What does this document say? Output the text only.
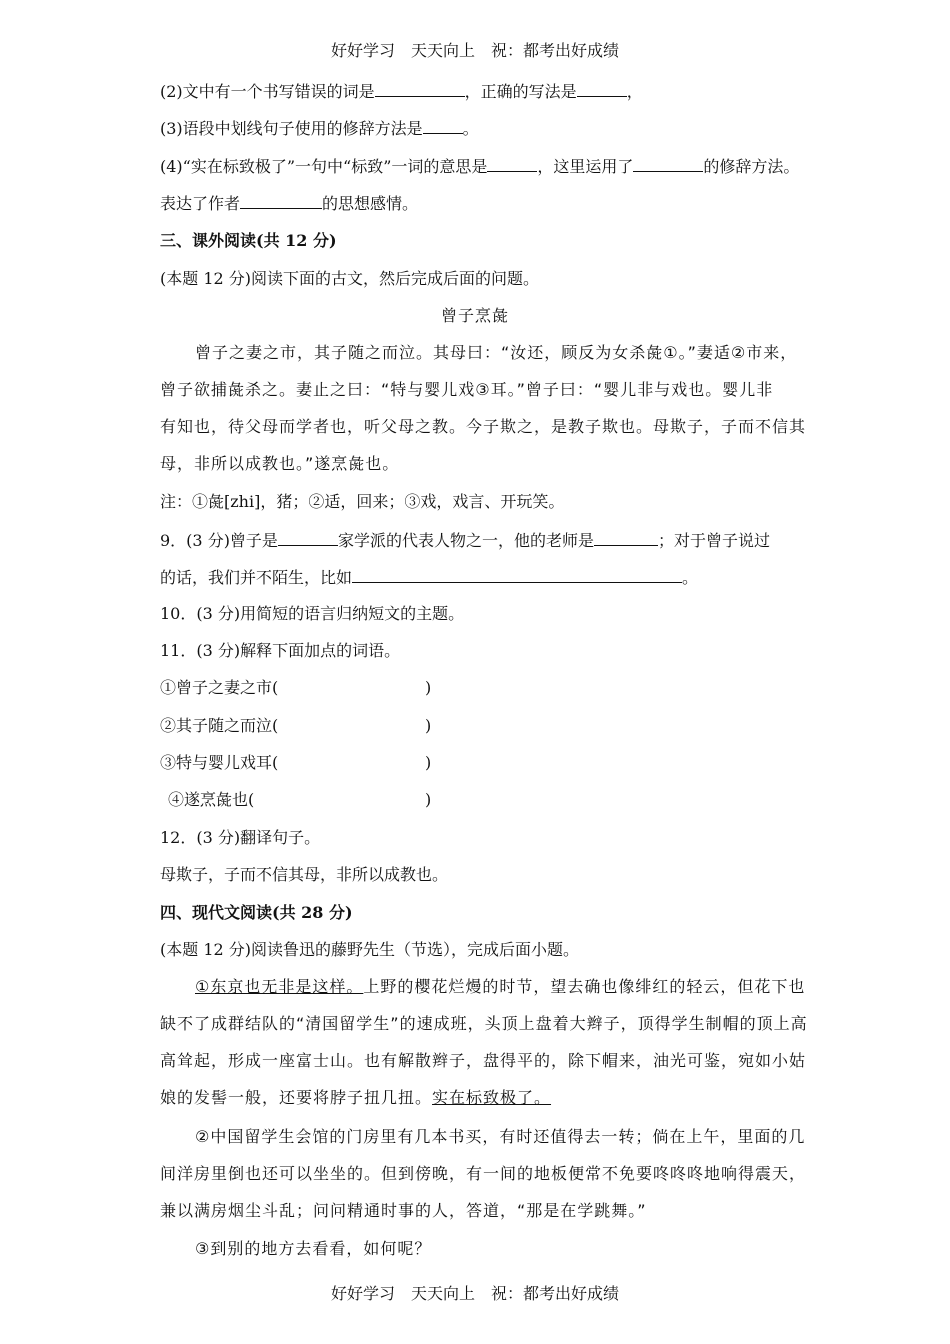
好好学习　天天向上　祝：都考出好成绩
(2)文中有一个书写错误的词是	，正确的写法是	，
(3)语段中划线句子使用的修辞方法是	。
(4)“实在标致极了”一句中“标致”一词的意思是	，这里运用了	的修辞方法。
表达了作者	的思想感情。
三、课外阅读(共 12 分)
(本题 12 分)阅读下面的古文，然后完成后面的问题。
曾子烹彘
曾子之妻之市，其子随之而泣。其母曰：“汝还，顾反为女杀彘①。”妻适②市来，
曾子欲捕彘杀之。妻止之曰：“特与婴儿戏③耳。”曾子曰：“婴儿非与戏也。婴儿非
有知也，待父母而学者也，听父母之教。今子欺之，是教子欺也。母欺子，子而不信其
母，非所以成教也。”遂烹彘也。
注：①彘[zhi]，猪；②适，回来；③戏，戏言、开玩笑。
9．(3 分)曾子是	家学派的代表人物之一，他的老师是	；对于曾子说过
的话，我们并不陌生，比如	。
10．(3 分)用简短的语言归纳短文的主题。
11．(3 分)解释下面加点的词语。
①曾子之妻之市(	)
②其子随之而泣(	)
③特与婴儿戏耳(	)
④遂烹彘也(	)
12．(3 分)翻译句子。
母欺子，子而不信其母，非所以成教也。
四、现代文阅读(共 28 分)
(本题 12 分)阅读鲁迅的藤野先生（节选），完成后面小题。
①东京也无非是这样。上野的樱花烂熳的时节，望去确也像绯红的轻云，但花下也
缺不了成群结队的“清国留学生”的速成班，头顶上盘着大辫子，顶得学生制帽的顶上高
高耸起，形成一座富士山。也有解散辫子，盘得平的，除下帽来，油光可鉴，宛如小姑
娘的发髻一般，还要将脖子扭几扭。实在标致极了。
②中国留学生会馆的门房里有几本书买，有时还值得去一转；倘在上午，里面的几
间洋房里倒也还可以坐坐的。但到傍晚，有一间的地板便常不免要咚咚咚地响得震天，
兼以满房烟尘斗乱；问问精通时事的人，答道，“那是在学跳舞。”
③到别的地方去看看，如何呢？
好好学习　天天向上　祝：都考出好成绩
